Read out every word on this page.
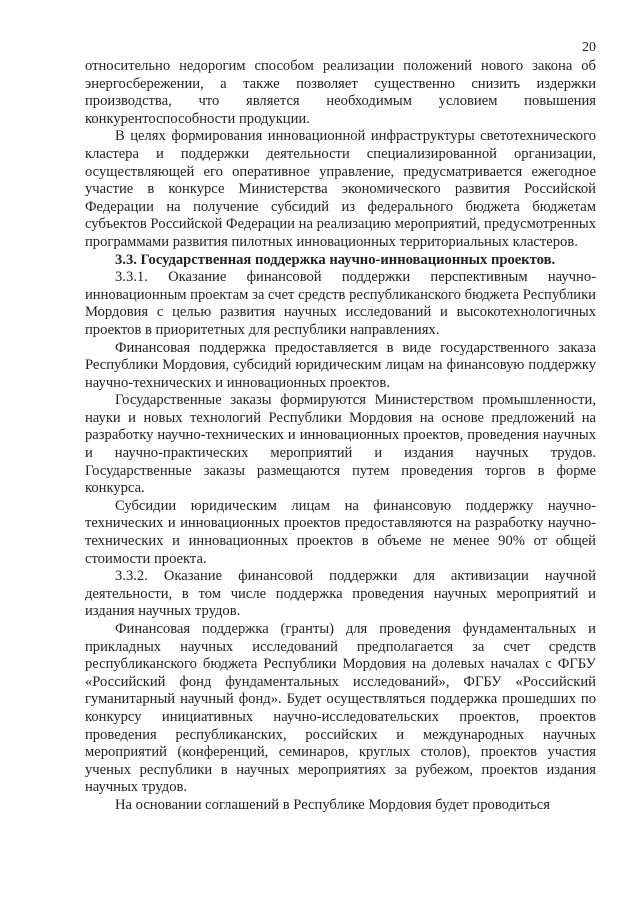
20

относительно недорогим способом реализации положений нового закона об энергосбережении, а также позволяет существенно снизить издержки производства, что является необходимым условием повышения конкурентоспособности продукции.

В целях формирования инновационной инфраструктуры светотехнического кластера и поддержки деятельности специализированной организации, осуществляющей его оперативное управление, предусматривается ежегодное участие в конкурсе Министерства экономического развития Российской Федерации на получение субсидий из федерального бюджета бюджетам субъектов Российской Федерации на реализацию мероприятий, предусмотренных программами развития пилотных инновационных территориальных кластеров.

3.3. Государственная поддержка научно-инновационных проектов.

3.3.1. Оказание финансовой поддержки перспективным научно-инновационным проектам за счет средств республиканского бюджета Республики Мордовия с целью развития научных исследований и высокотехнологичных проектов в приоритетных для республики направлениях.

Финансовая поддержка предоставляется в виде государственного заказа Республики Мордовия, субсидий юридическим лицам на финансовую поддержку научно-технических и инновационных проектов.

Государственные заказы формируются Министерством промышленности, науки и новых технологий Республики Мордовия на основе предложений на разработку научно-технических и инновационных проектов, проведения научных и научно-практических мероприятий и издания научных трудов. Государственные заказы размещаются путем проведения торгов в форме конкурса.

Субсидии юридическим лицам на финансовую поддержку научно-технических и инновационных проектов предоставляются на разработку научно-технических и инновационных проектов в объеме не менее 90% от общей стоимости проекта.

3.3.2. Оказание финансовой поддержки для активизации научной деятельности, в том числе поддержка проведения научных мероприятий и издания научных трудов.

Финансовая поддержка (гранты) для проведения фундаментальных и прикладных научных исследований предполагается за счет средств республиканского бюджета Республики Мордовия на долевых началах с ФГБУ «Российский фонд фундаментальных исследований», ФГБУ «Российский гуманитарный научный фонд». Будет осуществляться поддержка прошедших по конкурсу инициативных научно-исследовательских проектов, проектов проведения республиканских, российских и международных научных мероприятий (конференций, семинаров, круглых столов), проектов участия ученых республики в научных мероприятиях за рубежом, проектов издания научных трудов.

На основании соглашений в Республике Мордовия будет проводиться
